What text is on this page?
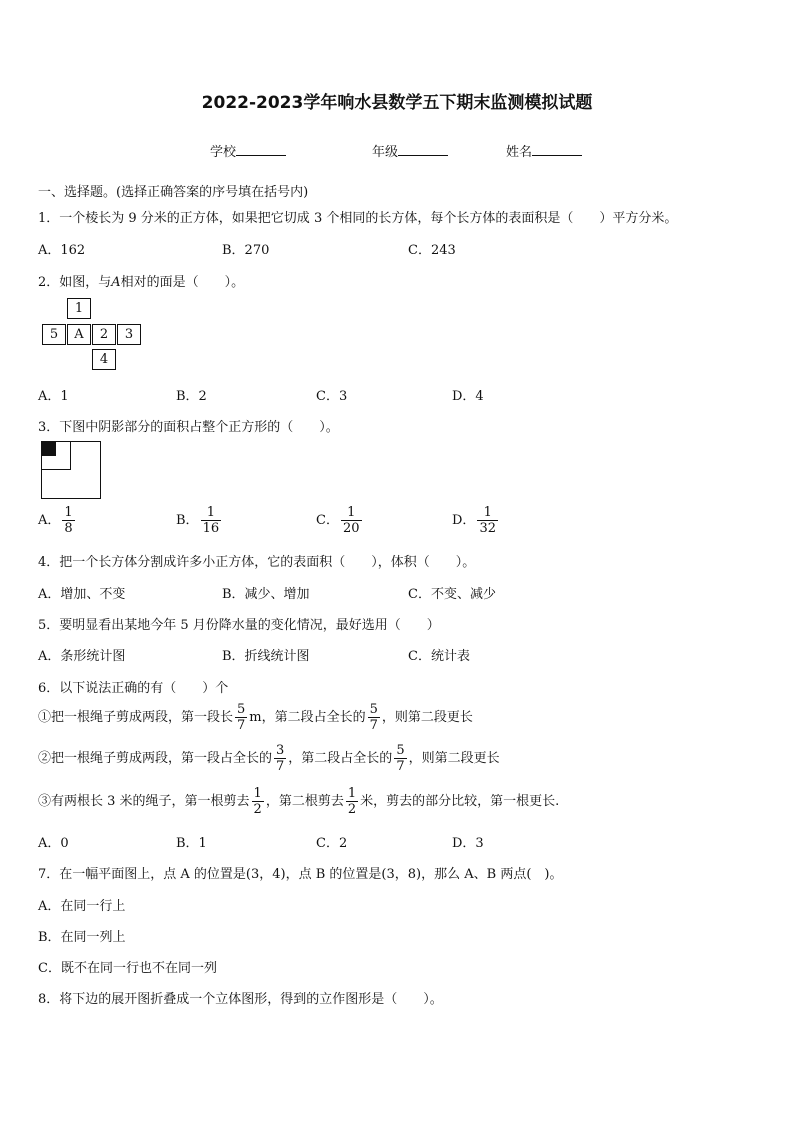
2022-2023学年响水县数学五下期末监测模拟试题
学校	年级	姓名
一、选择题。(选择正确答案的序号填在括号内)
1．一个棱长为 9 分米的正方体，如果把它切成 3 个相同的长方体，每个长方体的表面积是（　　）平方分米。
A．162	B．270	C．243
2．如图，与A相对的面是（　　）。
1
5	A	2	3
4
A．1	B．2	C．3	D．4
3．下图中阴影部分的面积占整个正方形的（　　）。
A． $\frac{1}{8}$	B． $\frac{1}{16}$	C． $\frac{1}{20}$	D． $\frac{1}{32}$
4．把一个长方体分割成许多小正方体，它的表面积（　　），体积（　　）。
A．增加、不变	B．减少、增加	C．不变、减少
5．要明显看出某地今年 5 月份降水量的变化情况，最好选用（　　）
A．条形统计图	B．折线统计图	C．统计表
6．以下说法正确的有（　　）个
①把一根绳子剪成两段，第一段长 $\frac{5}{7}$ m，第二段占全长的 $\frac{5}{7}$ ，则第二段更长
②把一根绳子剪成两段，第一段占全长的 $\frac{3}{7}$ ，第二段占全长的 $\frac{5}{7}$ ，则第二段更长
③有两根长 3 米的绳子，第一根剪去 $\frac{1}{2}$ ，第二根剪去 $\frac{1}{2}$ 米，剪去的部分比较，第一根更长.
A．0	B．1	C．2	D．3
7．在一幅平面图上，点 A 的位置是(3，4)，点 B 的位置是(3，8)，那么 A、B 两点(　)。
A．在同一行上
B．在同一列上
C．既不在同一行也不在同一列
8．将下边的展开图折叠成一个立体图形，得到的立作图形是（　　）。
